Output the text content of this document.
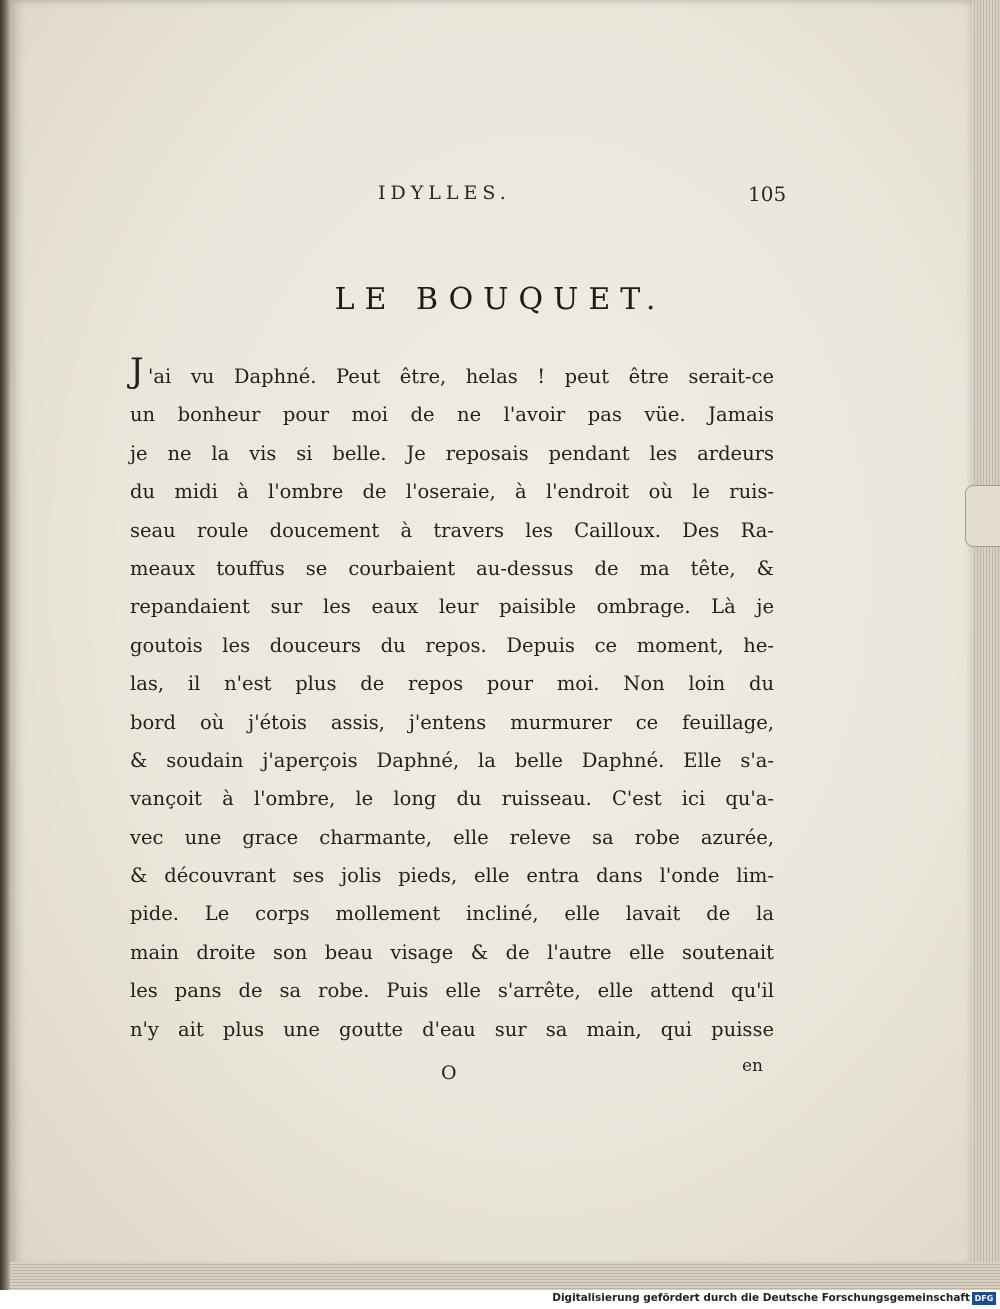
IDYLLES.	105
LE BOUQUET.
J 'ai vu Daphné. Peut être, helas ! peut être serait-ce
un bonheur pour moi de ne l'avoir pas vüe. Jamais
je ne la vis si belle. Je reposais pendant les ardeurs
du midi à l'ombre de l'oseraie, à l'endroit où le ruis-
seau roule doucement à travers les Cailloux. Des Ra-
meaux touffus se courbaient au-dessus de ma tête, &
repandaient sur les eaux leur paisible ombrage. Là je
goutois les douceurs du repos. Depuis ce moment, he-
las, il n'est plus de repos pour moi. Non loin du
bord où j'étois assis, j'entens murmurer ce feuillage,
& soudain j'aperçois Daphné, la belle Daphné. Elle s'a-
vançoit à l'ombre, le long du ruisseau. C'est ici qu'a-
vec une grace charmante, elle releve sa robe azurée,
& découvrant ses jolis pieds, elle entra dans l'onde lim-
pide. Le corps mollement incliné, elle lavait de la
main droite son beau visage & de l'autre elle soutenait
les pans de sa robe. Puis elle s'arrête, elle attend qu'il
n'y ait plus une goutte d'eau sur sa main, qui puisse
O	en
Digitalisierung gefördert durch die Deutsche Forschungsgemeinschaft DFG
